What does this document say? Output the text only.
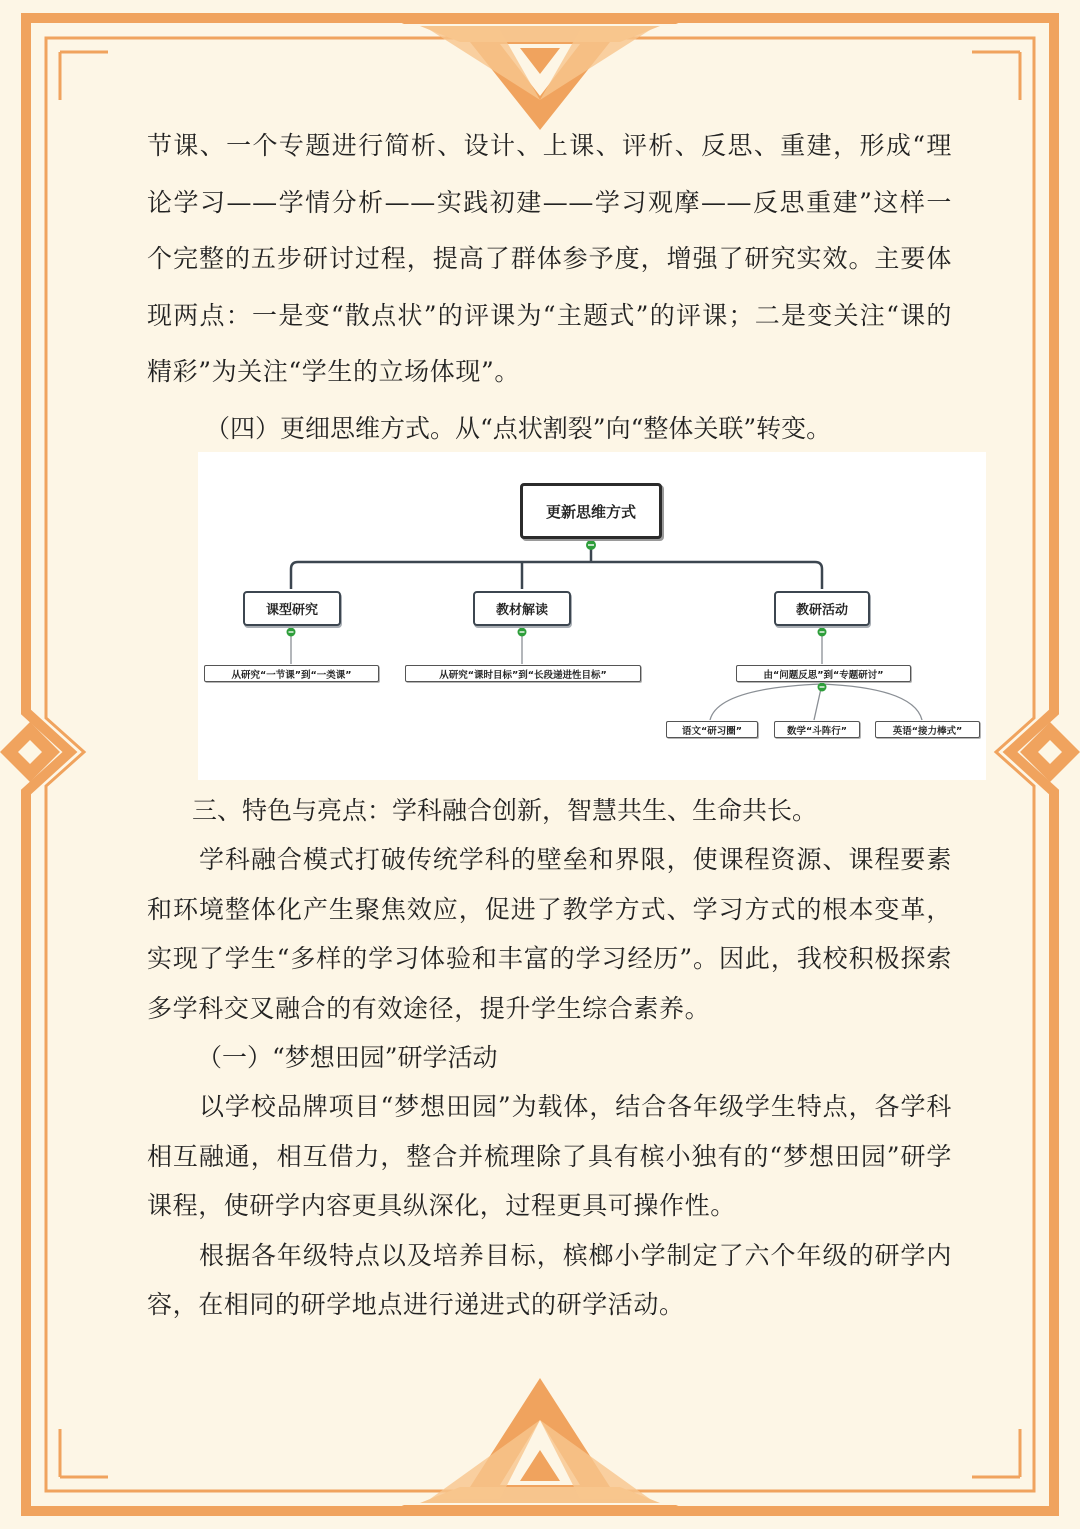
节课、一个专题进行简析、设计、上课、评析、反思、重建，形成“理论学习——学情分析——实践初建——学习观摩——反思重建”这样一个完整的五步研讨过程，提高了群体参予度，增强了研究实效。主要体现两点：一是变“散点状”的评课为“主题式”的评课；二是变关注“课的精彩”为关注“学生的立场体现”。

（四）更细思维方式。从“点状割裂”向“整体关联”转变。

更新思维方式
课型研究	教材解读	教研活动
从研究“一节课”到“一类课”	从研究“课时目标”到“长段递进性目标”	由“问题反思”到“专题研讨”
语文“研习圈”	数学“斗阵行”	英语“接力棒式”

三、特色与亮点：学科融合创新，智慧共生、生命共长。

学科融合模式打破传统学科的壁垒和界限，使课程资源、课程要素和环境整体化产生聚焦效应，促进了教学方式、学习方式的根本变革，实现了学生“多样的学习体验和丰富的学习经历”。因此，我校积极探索多学科交叉融合的有效途径，提升学生综合素养。

（一）“梦想田园”研学活动

以学校品牌项目“梦想田园”为载体，结合各年级学生特点，各学科相互融通，相互借力，整合并梳理除了具有槟小独有的“梦想田园”研学课程，使研学内容更具纵深化，过程更具可操作性。

根据各年级特点以及培养目标，槟榔小学制定了六个年级的研学内容，在相同的研学地点进行递进式的研学活动。
